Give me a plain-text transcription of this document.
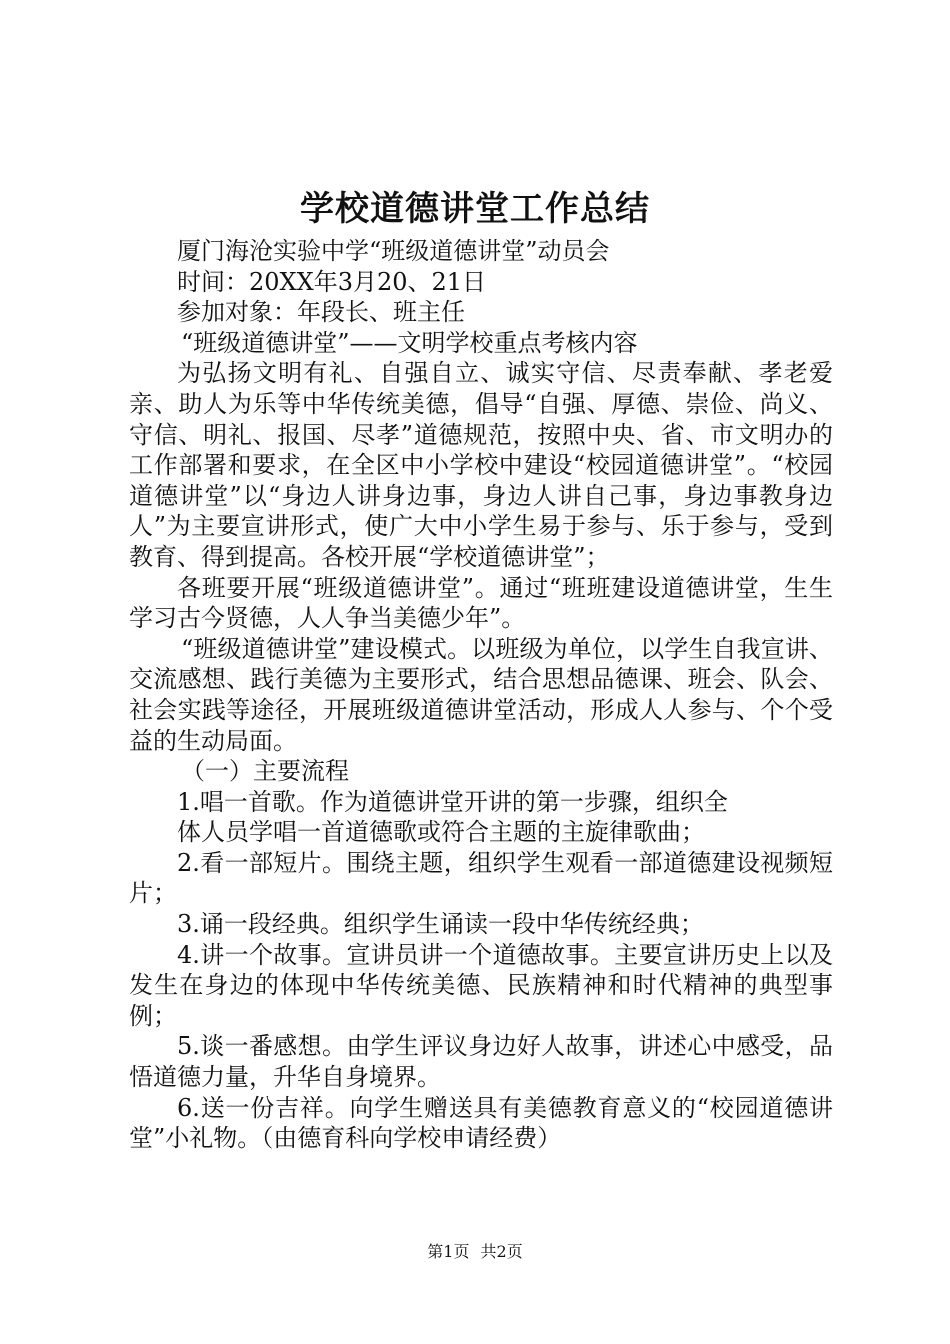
学校道德讲堂工作总结

厦门海沧实验中学“班级道德讲堂”动员会

时间：20XX年3月20、21日

参加对象：年段长、班主任

“班级道德讲堂”——文明学校重点考核内容

为弘扬文明有礼、自强自立、诚实守信、尽责奉献、孝老爱亲、助人为乐等中华传统美德，倡导“自强、厚德、崇俭、尚义、守信、明礼、报国、尽孝”道德规范，按照中央、省、市文明办的工作部署和要求，在全区中小学校中建设“校园道德讲堂”。“校园道德讲堂”以“身边人讲身边事，身边人讲自己事，身边事教身边人”为主要宣讲形式，使广大中小学生易于参与、乐于参与，受到教育、得到提高。各校开展“学校道德讲堂”；

各班要开展“班级道德讲堂”。通过“班班建设道德讲堂，生生学习古今贤德，人人争当美德少年”。

“班级道德讲堂”建设模式。以班级为单位，以学生自我宣讲、交流感想、践行美德为主要形式，结合思想品德课、班会、队会、社会实践等途径，开展班级道德讲堂活动，形成人人参与、个个受益的生动局面。

（一）主要流程

1.唱一首歌。作为道德讲堂开讲的第一步骤，组织全

体人员学唱一首道德歌或符合主题的主旋律歌曲；

2.看一部短片。围绕主题，组织学生观看一部道德建设视频短片；

3.诵一段经典。组织学生诵读一段中华传统经典；

4.讲一个故事。宣讲员讲一个道德故事。主要宣讲历史上以及发生在身边的体现中华传统美德、民族精神和时代精神的典型事例；

5.谈一番感想。由学生评议身边好人故事，讲述心中感受，品悟道德力量，升华自身境界。

6.送一份吉祥。向学生赠送具有美德教育意义的“校园道德讲堂”小礼物。（由德育科向学校申请经费）

第1页 共2页
